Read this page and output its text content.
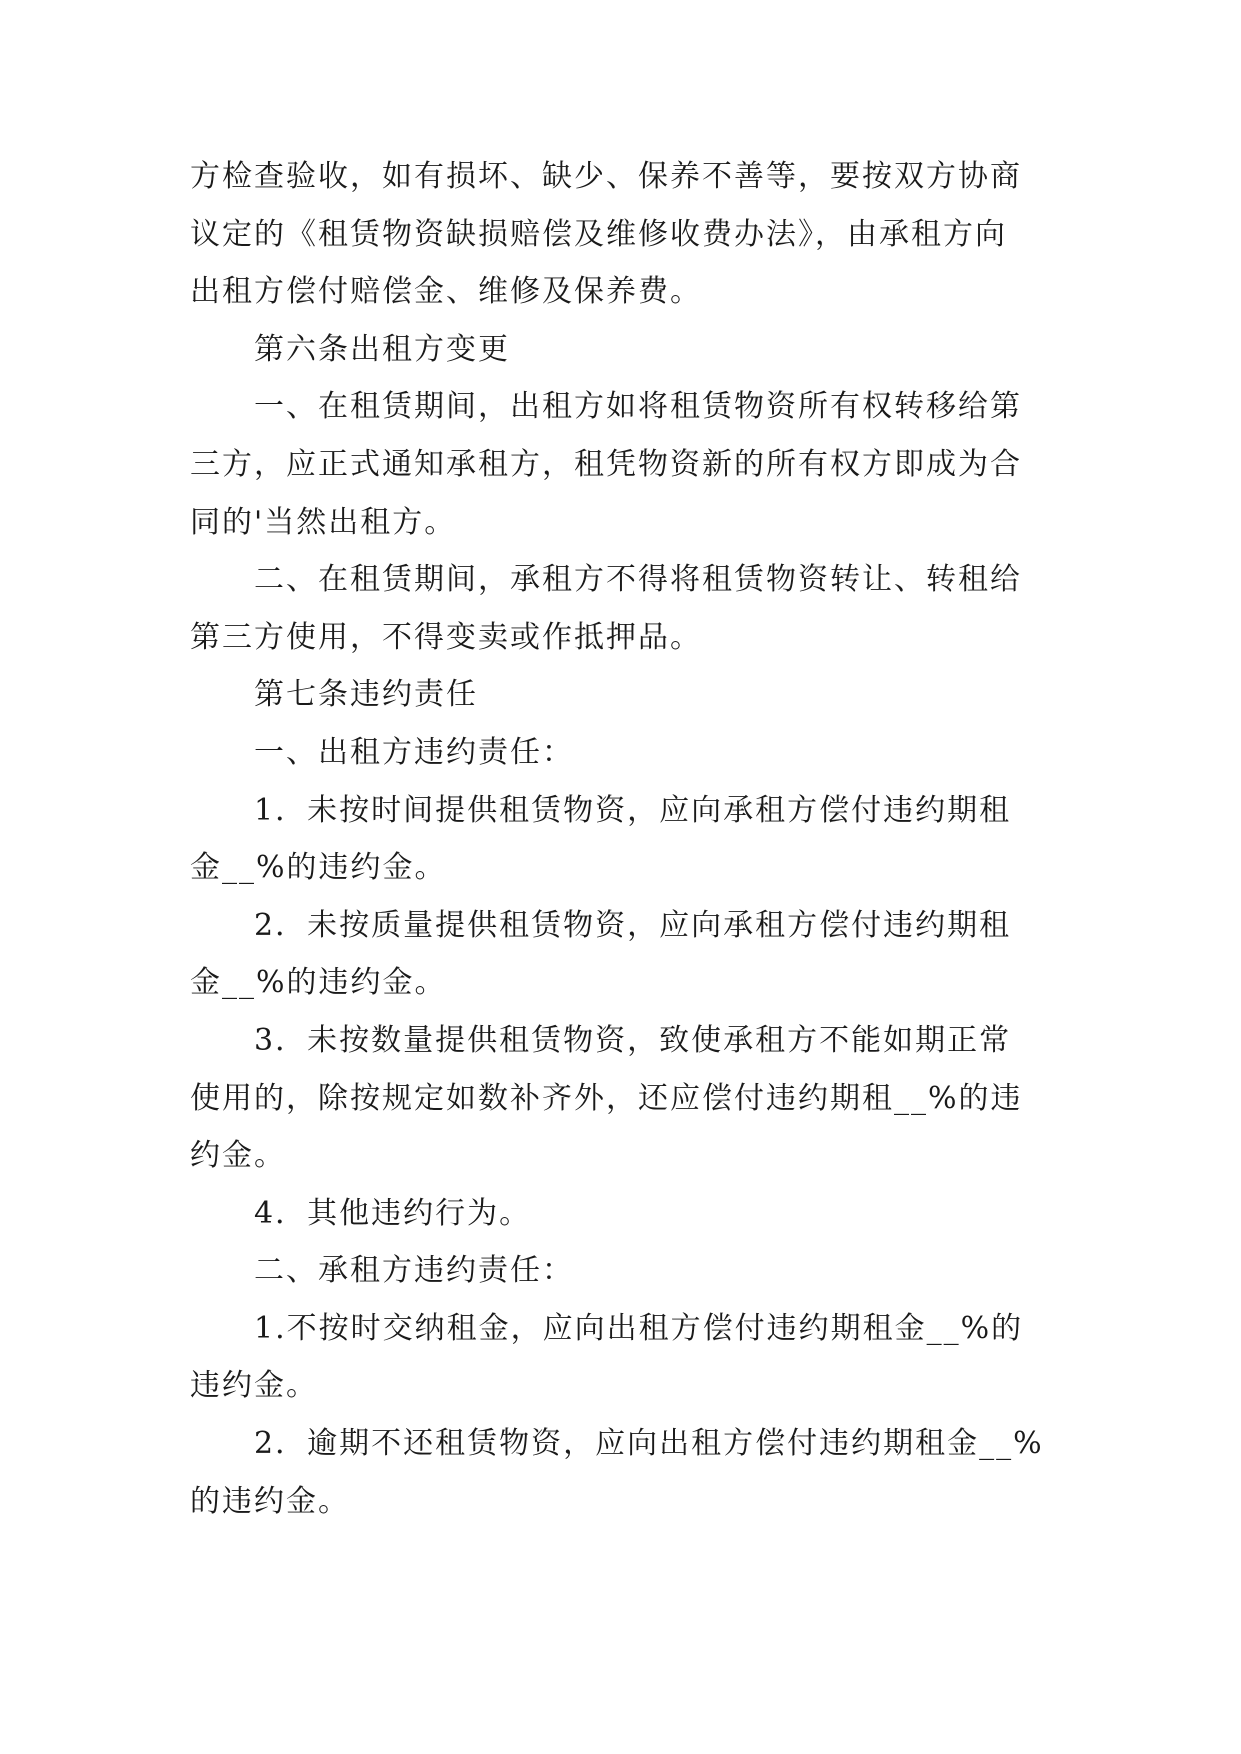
方检查验收，如有损坏、缺少、保养不善等，要按双方协商

议定的《租赁物资缺损赔偿及维修收费办法》，由承租方向

出租方偿付赔偿金、维修及保养费。

第六条出租方变更

一、在租赁期间，出租方如将租赁物资所有权转移给第

三方，应正式通知承租方，租凭物资新的所有权方即成为合

同的'当然出租方。

二、在租赁期间，承租方不得将租赁物资转让、转租给

第三方使用，不得变卖或作抵押品。

第七条违约责任

一、出租方违约责任：

1．未按时间提供租赁物资，应向承租方偿付违约期租

金__%的违约金。

2．未按质量提供租赁物资，应向承租方偿付违约期租

金__%的违约金。

3．未按数量提供租赁物资，致使承租方不能如期正常

使用的，除按规定如数补齐外，还应偿付违约期租__%的违

约金。

4．其他违约行为。

二、承租方违约责任：

1.不按时交纳租金，应向出租方偿付违约期租金__%的

违约金。

2．逾期不还租赁物资，应向出租方偿付违约期租金__%

的违约金。
